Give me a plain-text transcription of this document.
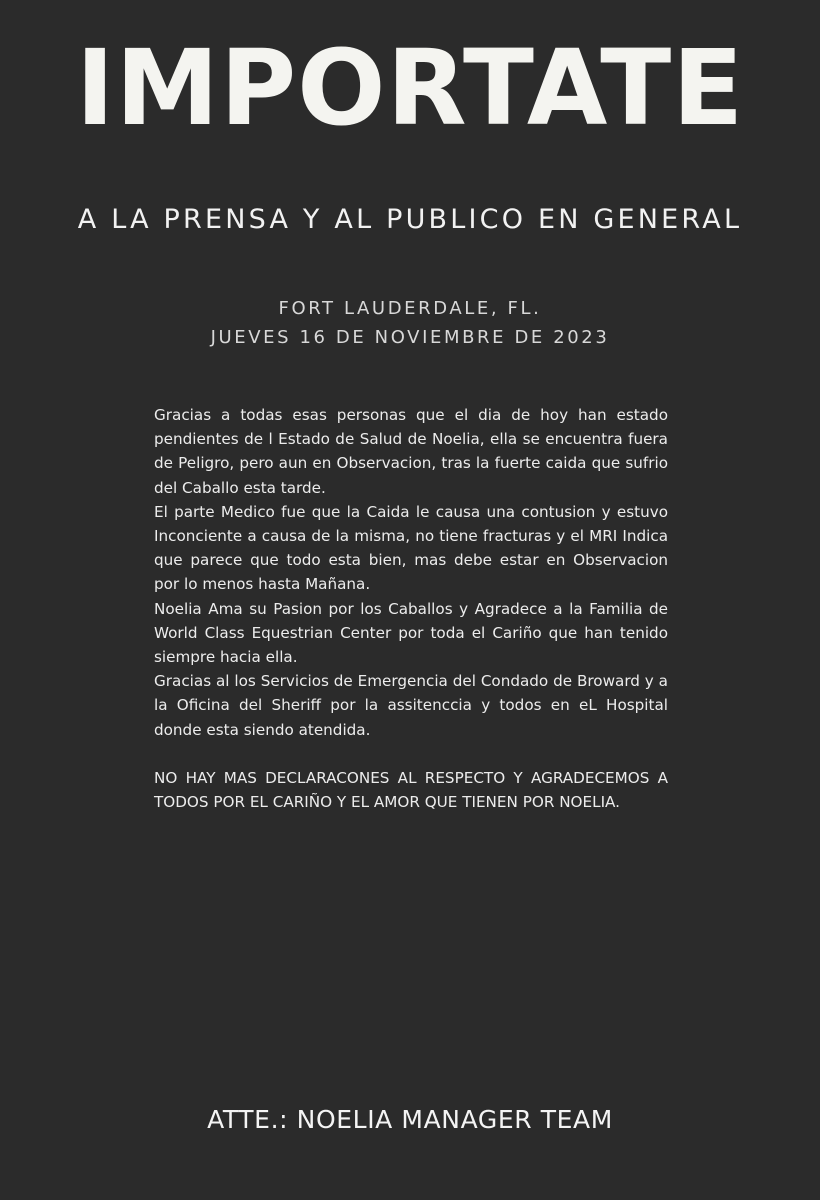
IMPORTATE
A LA PRENSA Y AL PUBLICO EN GENERAL
FORT LAUDERDALE, FL.
JUEVES 16 DE NOVIEMBRE DE 2023

Gracias a todas esas personas que el dia de hoy han estado pendientes de l Estado de Salud de Noelia, ella se encuentra fuera de Peligro, pero aun en Observacion, tras la fuerte caida que sufrio del Caballo esta tarde.

El parte Medico fue que la Caida le causa una contusion y estuvo Inconciente a causa de la misma, no tiene fracturas y el MRI Indica que parece que todo esta bien, mas debe estar en Observacion por lo menos hasta Mañana.

Noelia Ama su Pasion por los Caballos y Agradece a la Familia de World Class Equestrian Center por toda el Cariño que han tenido siempre hacia ella.

Gracias al los Servicios de Emergencia del Condado de Broward y a la Oficina del Sheriff por la assitenccia y todos en eL Hospital donde esta siendo atendida.

NO HAY MAS DECLARACONES AL RESPECTO Y AGRADECEMOS A TODOS POR EL CARIÑO Y EL AMOR QUE TIENEN POR NOELIA.

ATTE.: NOELIA MANAGER TEAM
